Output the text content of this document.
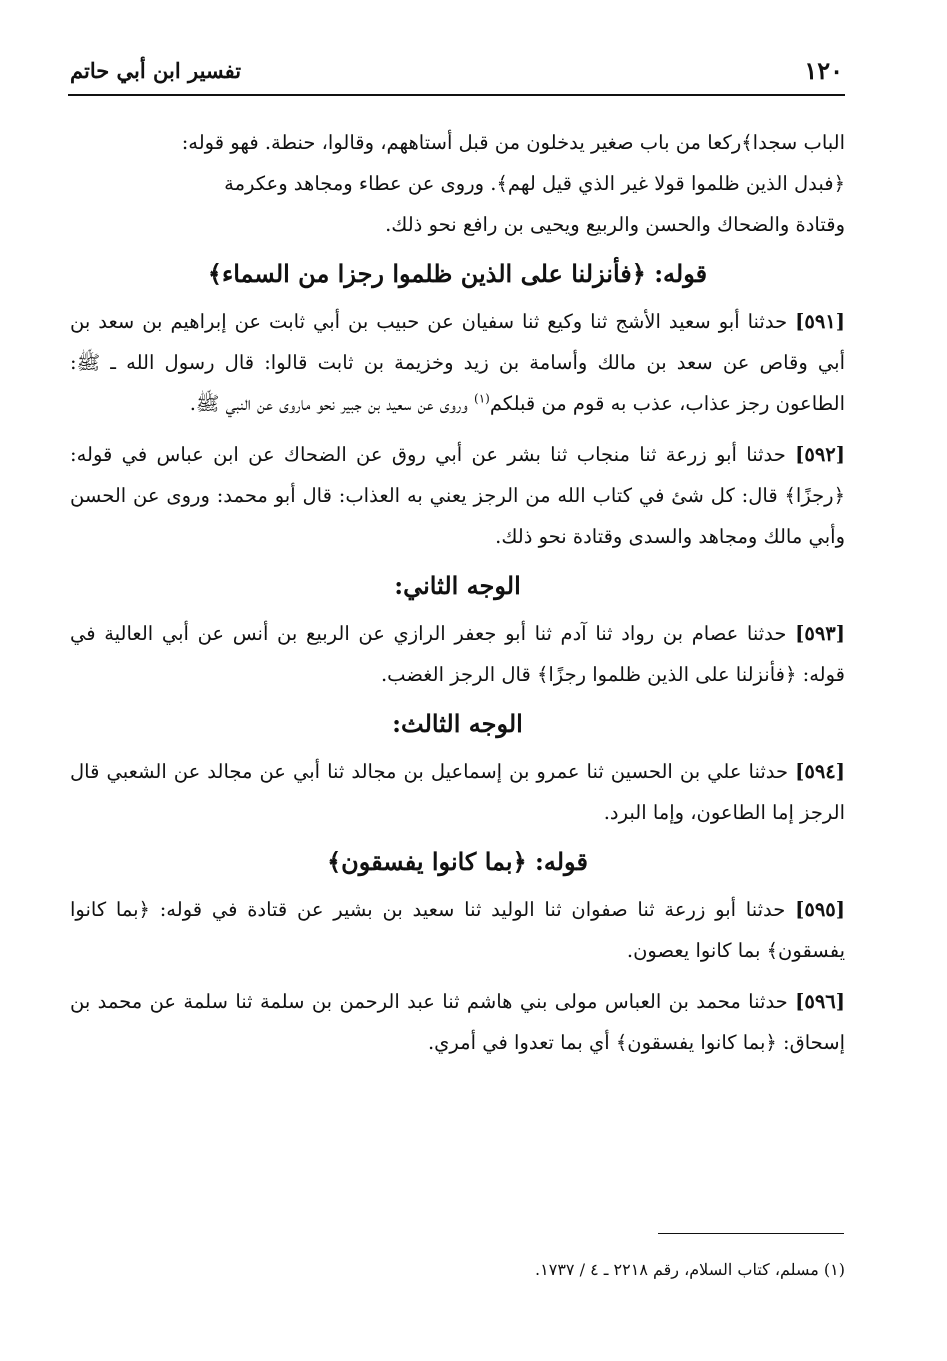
١٢٠
تفسير ابن أبي حاتم

الباب سجدا﴾ركعا من باب صغير يدخلون من قبل أستاههم، وقالوا، حنطة. فهو قوله:

﴿فبدل الذين ظلموا قولا غير الذي قيل لهم﴾. وروى عن عطاء ومجاهد وعكرمة

وقتادة والضحاك والحسن والربيع ويحيى بن رافع نحو ذلك.

قوله: ﴿فأنزلنا على الذين ظلموا رجزا من السماء﴾

[٥٩١] حدثنا أبو سعيد الأشج ثنا وكيع ثنا سفيان عن حبيب بن أبي ثابت عن إبراهيم بن سعد بن أبي وقاص عن سعد بن مالك وأسامة بن زيد وخزيمة بن ثابت قالوا: قال رسول الله ـ ﷺ: الطاعون رجز عذاب، عذب به قوم من قبلكم$^{(١)}$ وروى عن سعيد بن جبير نحو ماروى عن النبي ﷺ.

[٥٩٢] حدثنا أبو زرعة ثنا منجاب ثنا بشر عن أبي روق عن الضحاك عن ابن عباس في قوله: ﴿رجزًا﴾ قال: كل شئ في كتاب الله من الرجز يعني به العذاب: قال أبو محمد: وروى عن الحسن وأبي مالك ومجاهد والسدى وقتادة نحو ذلك.

الوجه الثاني:

[٥٩٣] حدثنا عصام بن رواد ثنا آدم ثنا أبو جعفر الرازي عن الربيع بن أنس عن أبي العالية في قوله: ﴿فأنزلنا على الذين ظلموا رجزًا﴾ قال الرجز الغضب.

الوجه الثالث:

[٥٩٤] حدثنا علي بن الحسين ثنا عمرو بن إسماعيل بن مجالد ثنا أبي عن مجالد عن الشعبي قال الرجز إما الطاعون، وإما البرد.

قوله: ﴿بما كانوا يفسقون﴾

[٥٩٥] حدثنا أبو زرعة ثنا صفوان ثنا الوليد ثنا سعيد بن بشير عن قتادة في قوله: ﴿بما كانوا يفسقون﴾ بما كانوا يعصون.

[٥٩٦] حدثنا محمد بن العباس مولى بني هاشم ثنا عبد الرحمن بن سلمة ثنا سلمة عن محمد بن إسحاق: ﴿بما كانوا يفسقون﴾ أي بما تعدوا في أمري.

(١) مسلم، كتاب السلام، رقم ٢٢١٨ ـ ٤ / ١٧٣٧.
